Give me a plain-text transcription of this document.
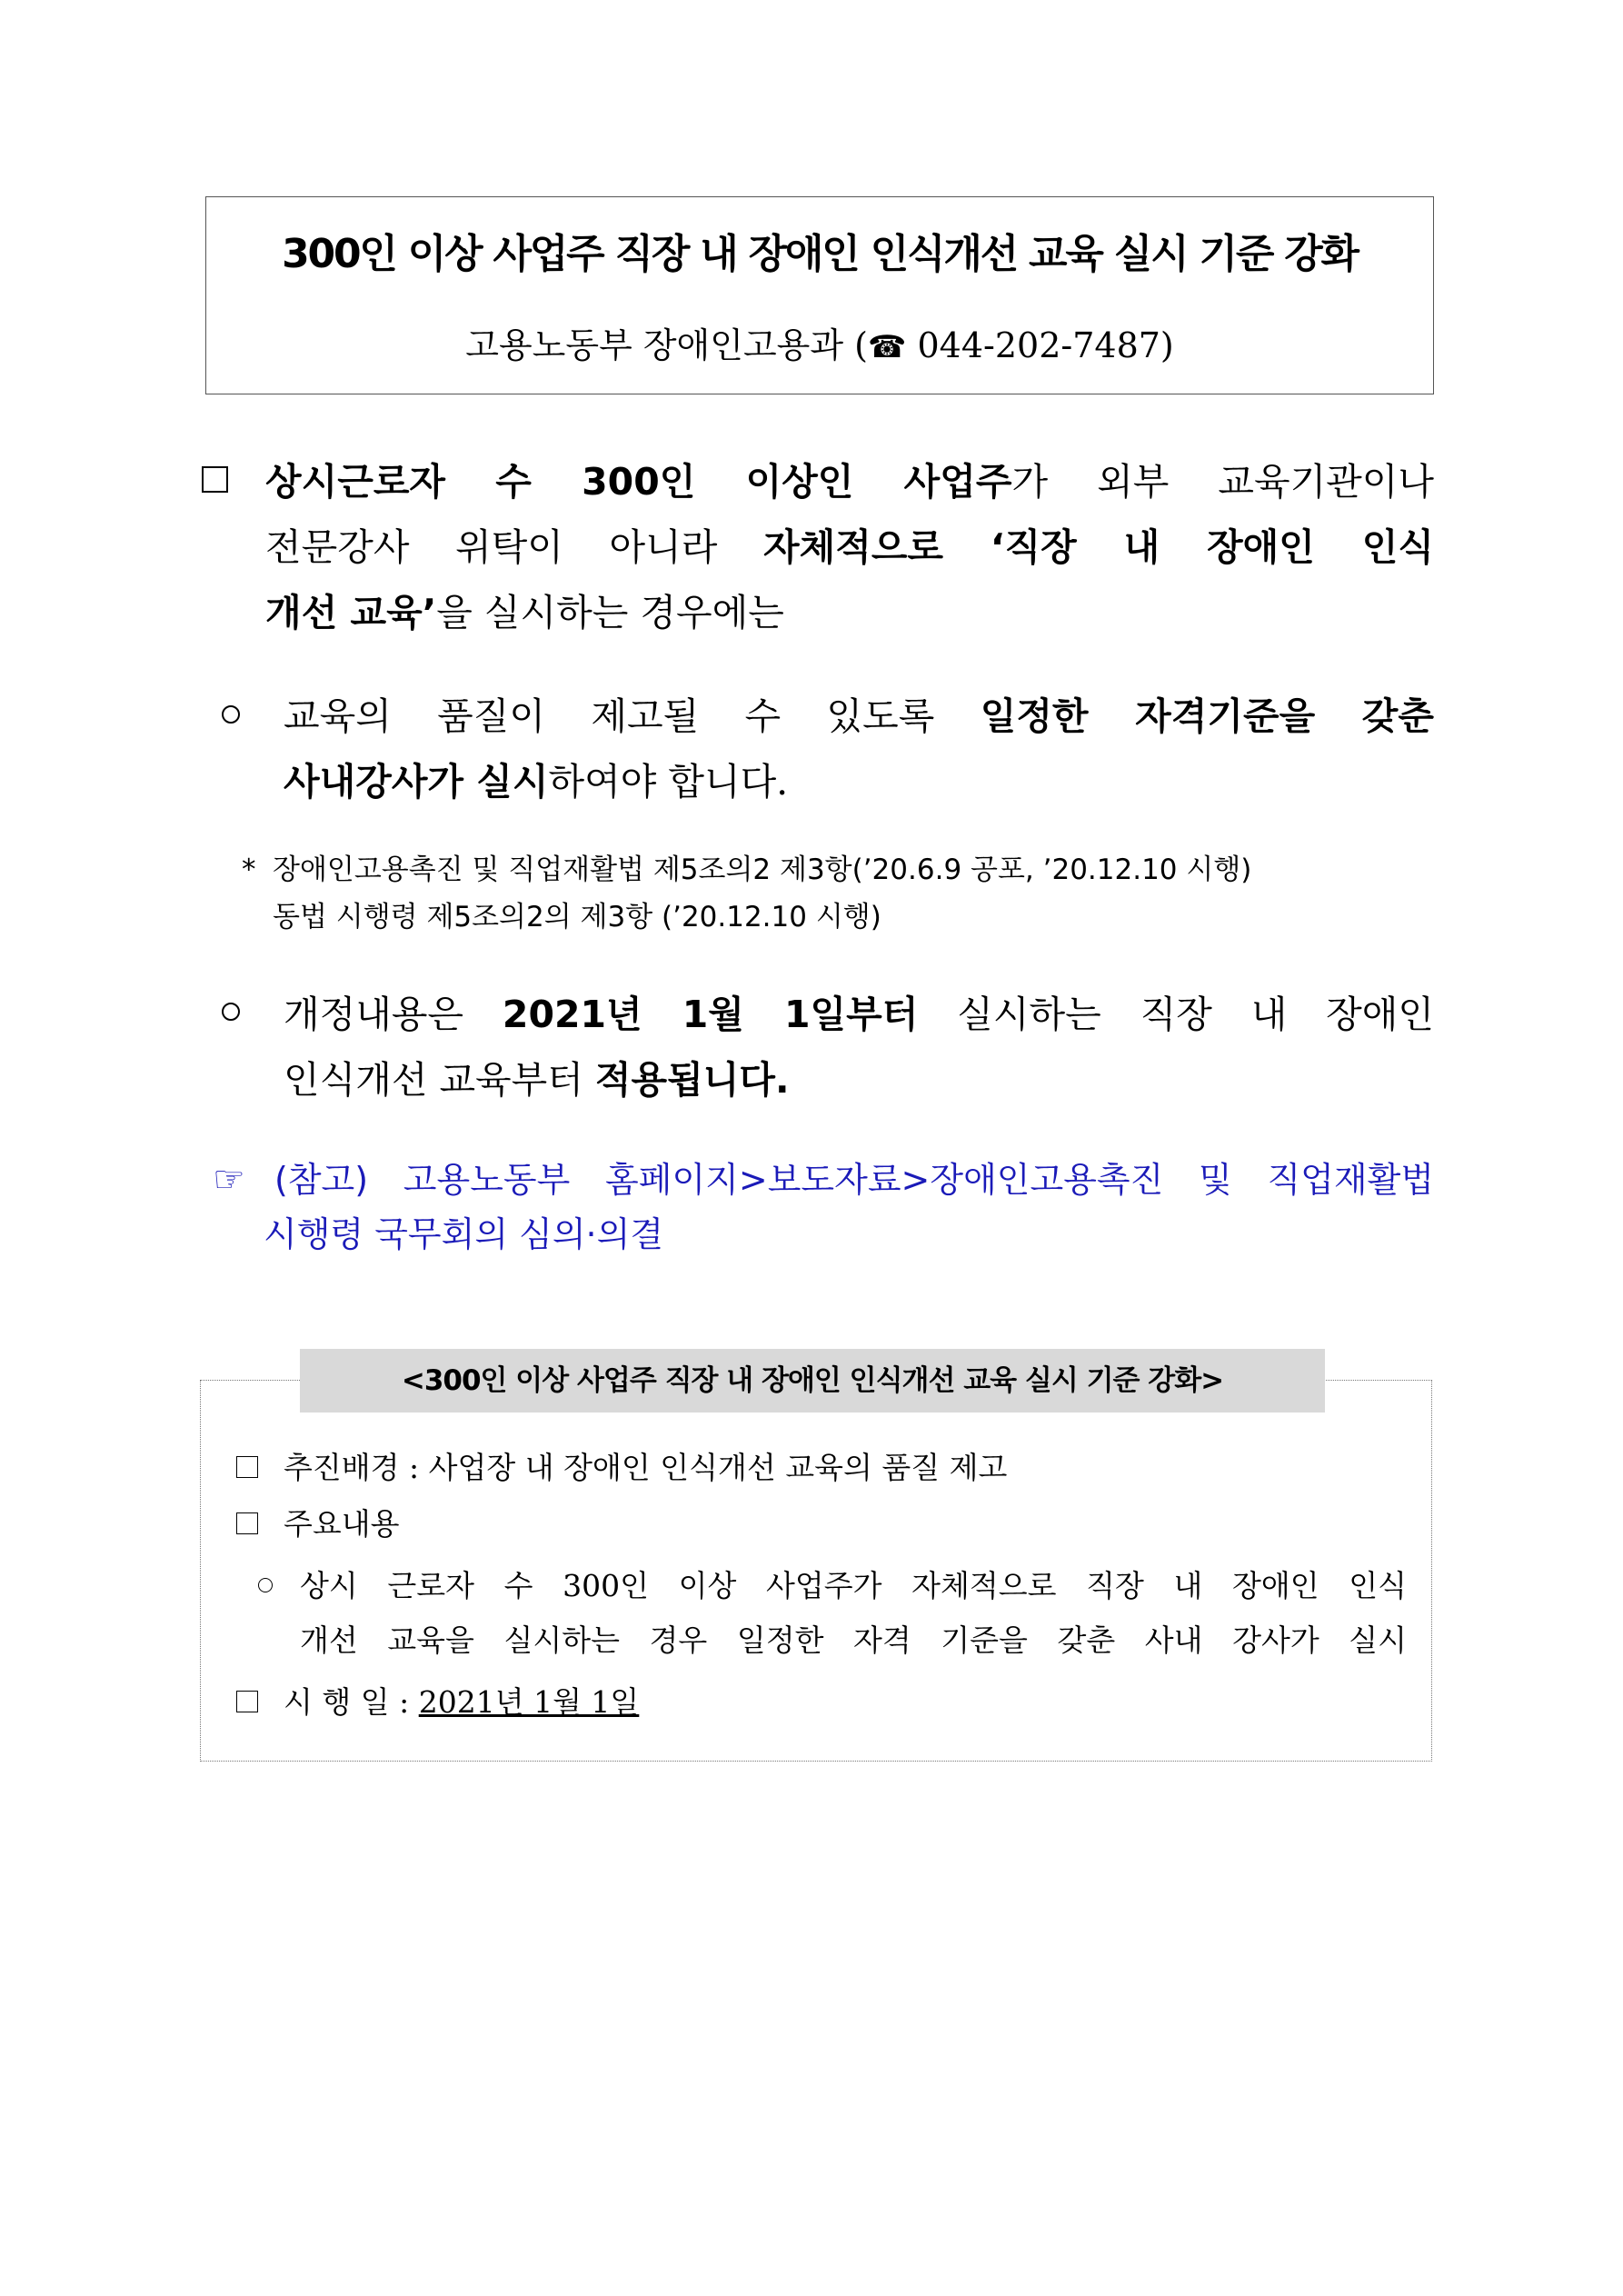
300인 이상 사업주 직장 내 장애인 인식개선 교육 실시 기준 강화
고용노동부 장애인고용과 (☎ 044-202-7487)
상시근로자 수 300인 이상인 사업주가 외부 교육기관이나
전문강사 위탁이 아니라 자체적으로 ‘직장 내 장애인 인식
개선 교육’을 실시하는 경우에는
교육의 품질이 제고될 수 있도록 일정한 자격기준을 갖춘
사내강사가 실시하여야 합니다.
* 장애인고용촉진 및 직업재활법 제5조의2 제3항(’20.6.9 공포, ’20.12.10 시행)
동법 시행령 제5조의2의 제3항 (’20.12.10 시행)
개정내용은 2021년 1월 1일부터 실시하는 직장 내 장애인
인식개선 교육부터 적용됩니다.
☞ (참고) 고용노동부 홈페이지>보도자료>장애인고용촉진 및 직업재활법
시행령 국무회의 심의·의결
<300인 이상 사업주 직장 내 장애인 인식개선 교육 실시 기준 강화>
추진배경 : 사업장 내 장애인 인식개선 교육의 품질 제고
주요내용
상시 근로자 수 300인 이상 사업주가 자체적으로 직장 내 장애인 인식
개선 교육을 실시하는 경우 일정한 자격 기준을 갖춘 사내 강사가 실시
시 행 일 : 2021년 1월 1일
